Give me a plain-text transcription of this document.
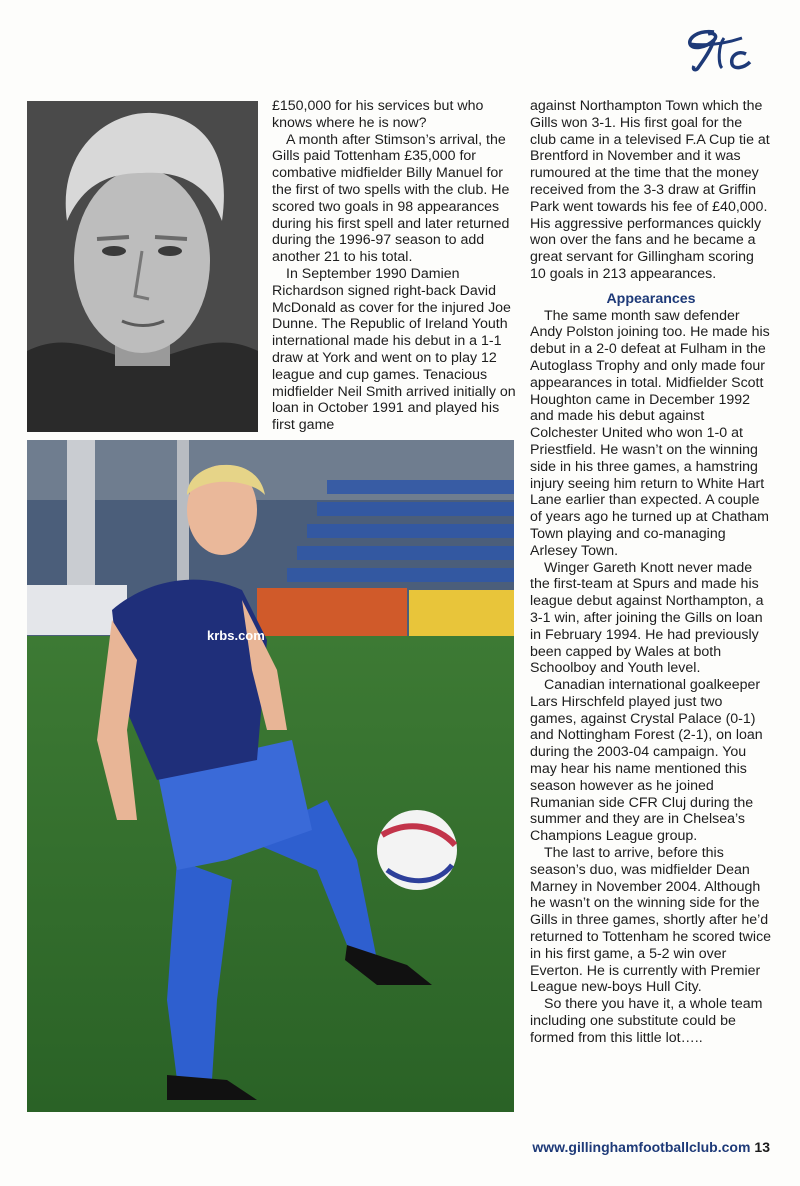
krbs.com

£150,000 for his services but who knows where he is now?

A month after Stimson’s arrival, the Gills paid Tottenham £35,000 for combative midfielder Billy Manuel for the first of two spells with the club. He scored two goals in 98 appearances during his first spell and later returned during the 1996-97 season to add another 21 to his total.

In September 1990 Damien Richardson signed right-back David McDonald as cover for the injured Joe Dunne. The Republic of Ireland Youth international made his debut in a 1-1 draw at York and went on to play 12 league and cup games. Tenacious midfielder Neil Smith arrived initially on loan in October 1991 and played his first game

against Northampton Town which the Gills won 3-1. His first goal for the club came in a televised F.A Cup tie at Brentford in November and it was rumoured at the time that the money received from the 3-3 draw at Griffin Park went towards his fee of £40,000. His aggressive performances quickly won over the fans and he became a great servant for Gillingham scoring 10 goals in 213 appearances.

Appearances

The same month saw defender Andy Polston joining too. He made his debut in a 2-0 defeat at Fulham in the Autoglass Trophy and only made four appearances in total. Midfielder Scott Houghton came in December 1992 and made his debut against Colchester United who won 1-0 at Priestfield. He wasn’t on the winning side in his three games, a hamstring injury seeing him return to White Hart Lane earlier than expected. A couple of years ago he turned up at Chatham Town playing and co-managing Arlesey Town.

Winger Gareth Knott never made the first-team at Spurs and made his league debut against Northampton, a 3-1 win, after joining the Gills on loan in February 1994. He had previously been capped by Wales at both Schoolboy and Youth level.

Canadian international goalkeeper Lars Hirschfeld played just two games, against Crystal Palace (0-1) and Nottingham Forest (2-1), on loan during the 2003-04 campaign. You may hear his name mentioned this season however as he joined Rumanian side CFR Cluj during the summer and they are in Chelsea’s Champions League group.

The last to arrive, before this season’s duo, was midfielder Dean Marney in November 2004. Although he wasn’t on the winning side for the Gills in three games, shortly after he’d returned to Tottenham he scored twice in his first game, a 5-2 win over Everton. He is currently with Premier League new-boys Hull City.

So there you have it, a whole team including one substitute could be formed from this little lot…..

www.gillinghamfootballclub.com 13
